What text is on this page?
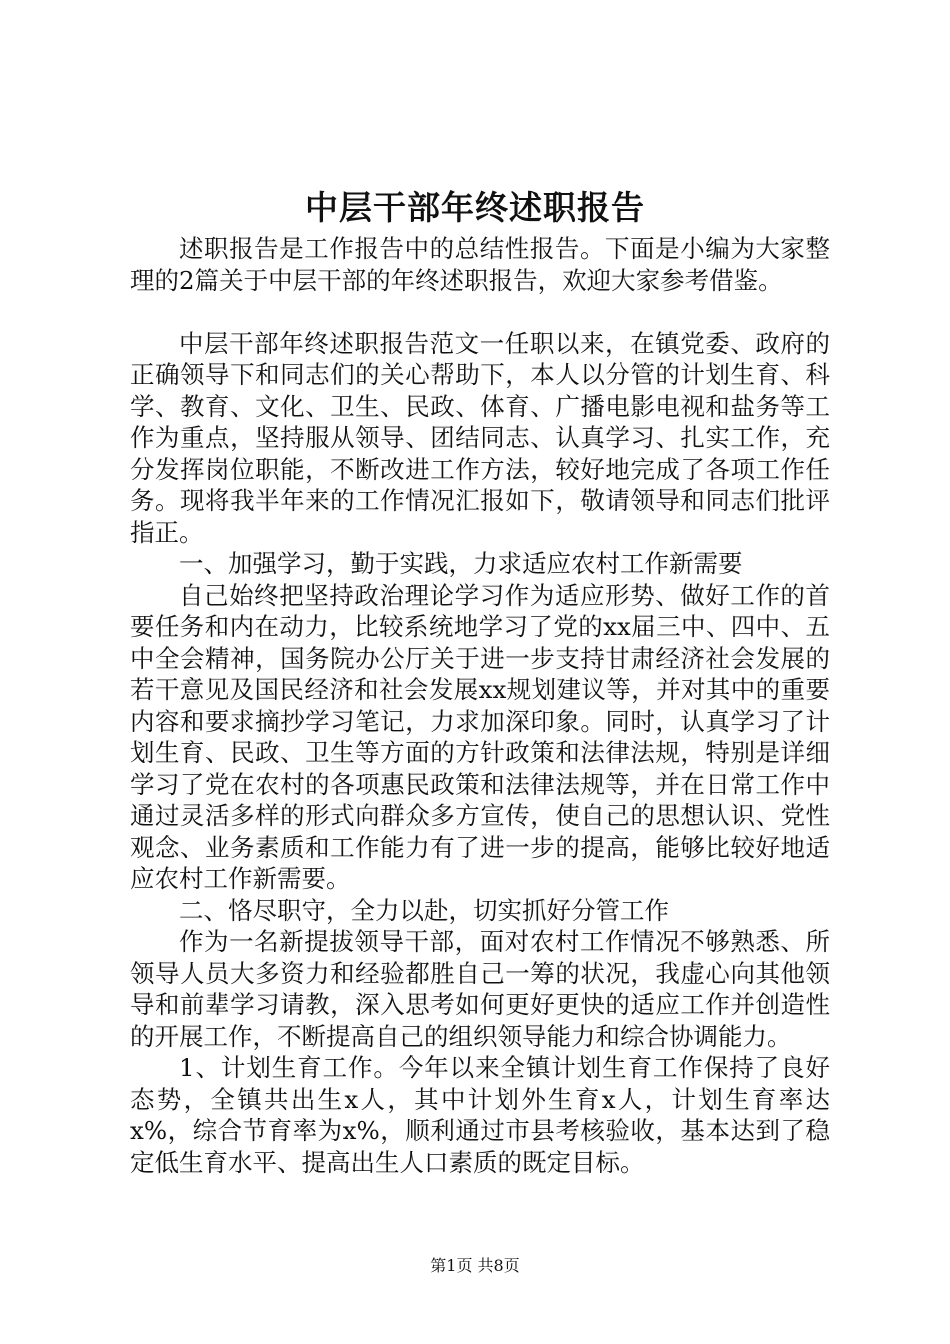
中层干部年终述职报告

述职报告是工作报告中的总结性报告。下面是小编为大家整理的2篇关于中层干部的年终述职报告，欢迎大家参考借鉴。

中层干部年终述职报告范文一任职以来，在镇党委、政府的正确领导下和同志们的关心帮助下，本人以分管的计划生育、科学、教育、文化、卫生、民政、体育、广播电影电视和盐务等工作为重点，坚持服从领导、团结同志、认真学习、扎实工作，充分发挥岗位职能，不断改进工作方法，较好地完成了各项工作任务。现将我半年来的工作情况汇报如下，敬请领导和同志们批评指正。

一、加强学习，勤于实践，力求适应农村工作新需要

自己始终把坚持政治理论学习作为适应形势、做好工作的首要任务和内在动力，比较系统地学习了党的xx届三中、四中、五中全会精神，国务院办公厅关于进一步支持甘肃经济社会发展的若干意见及国民经济和社会发展xx规划建议等，并对其中的重要内容和要求摘抄学习笔记，力求加深印象。同时，认真学习了计划生育、民政、卫生等方面的方针政策和法律法规，特别是详细学习了党在农村的各项惠民政策和法律法规等，并在日常工作中通过灵活多样的形式向群众多方宣传，使自己的思想认识、党性观念、业务素质和工作能力有了进一步的提高，能够比较好地适应农村工作新需要。

二、恪尽职守，全力以赴，切实抓好分管工作

作为一名新提拔领导干部，面对农村工作情况不够熟悉、所领导人员大多资力和经验都胜自己一筹的状况，我虚心向其他领导和前辈学习请教，深入思考如何更好更快的适应工作并创造性的开展工作，不断提高自己的组织领导能力和综合协调能力。

1、计划生育工作。今年以来全镇计划生育工作保持了良好态势，全镇共出生x人，其中计划外生育x人，计划生育率达x%，综合节育率为x%，顺利通过市县考核验收，基本达到了稳定低生育水平、提高出生人口素质的既定目标。

第1页 共8页
